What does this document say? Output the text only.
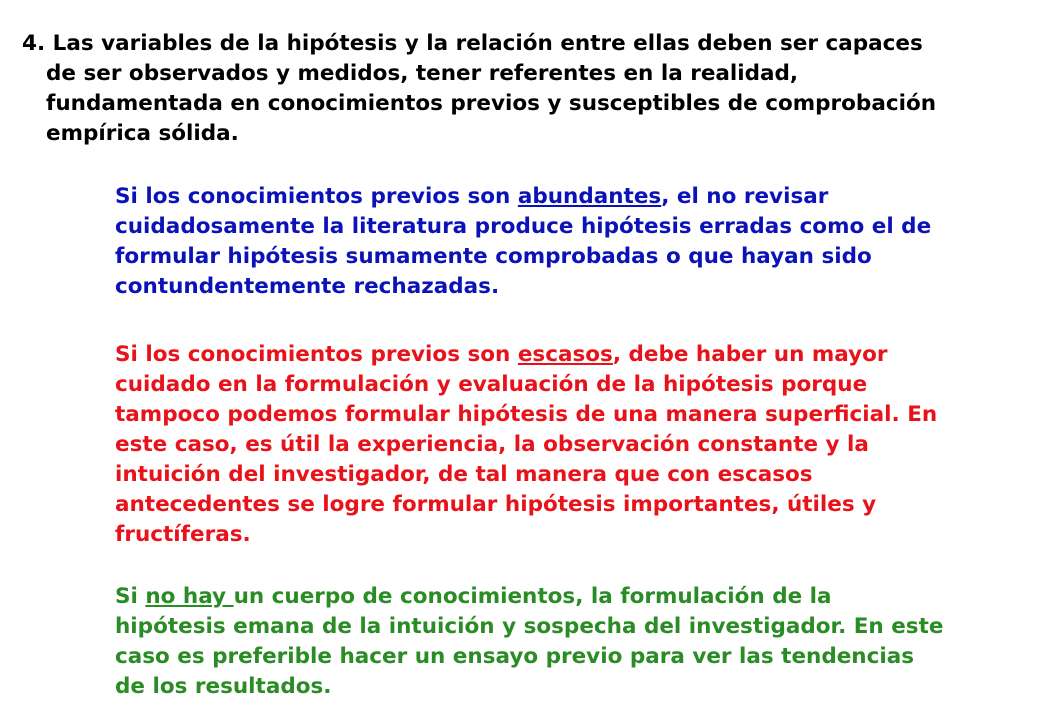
4. Las variables de la hipótesis y la relación entre ellas deben ser capaces de ser observados y medidos, tener referentes en la realidad, fundamentada en conocimientos previos y susceptibles de comprobación empírica sólida.

Si los conocimientos previos son abundantes, el no revisar cuidadosamente la literatura produce hipótesis erradas como el de formular hipótesis sumamente comprobadas o que hayan sido contundentemente rechazadas.

Si los conocimientos previos son escasos, debe haber un mayor cuidado en la formulación y evaluación de la hipótesis porque tampoco podemos formular hipótesis de una manera superficial. En este caso, es útil la experiencia, la observación constante y la intuición del investigador, de tal manera que con escasos antecedentes se logre formular hipótesis importantes, útiles y fructíferas.

Si no hay un cuerpo de conocimientos, la formulación de la hipótesis emana de la intuición y sospecha del investigador. En este caso es preferible hacer un ensayo previo para ver las tendencias de los resultados.
